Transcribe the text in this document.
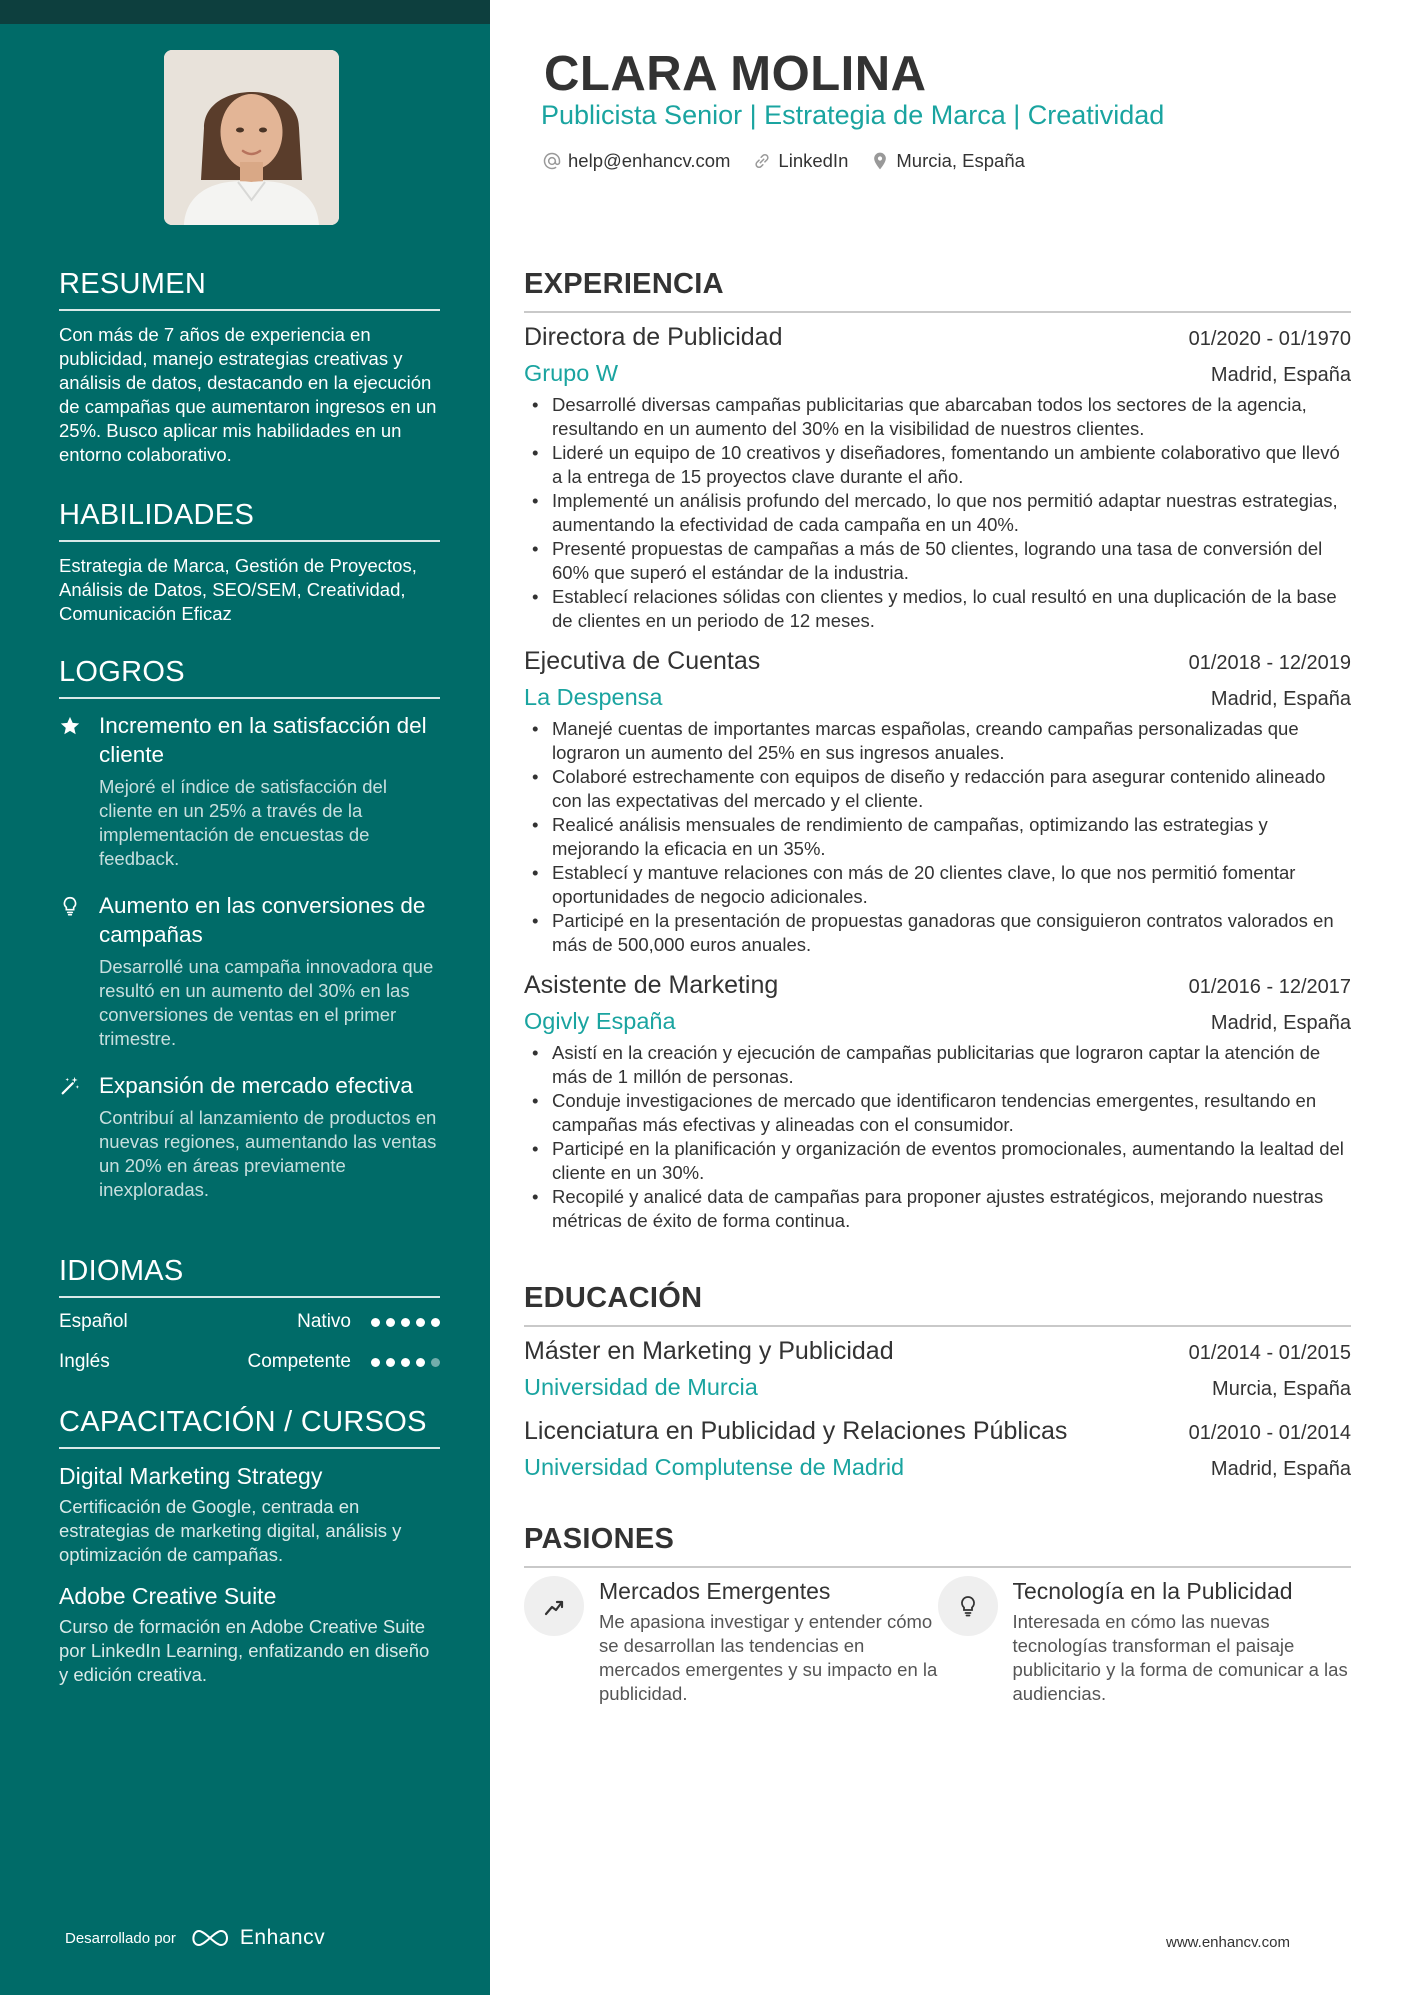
RESUMEN

Con más de 7 años de experiencia en publicidad, manejo estrategias creativas y análisis de datos, destacando en la ejecución de campañas que aumentaron ingresos en un 25%. Busco aplicar mis habilidades en un entorno colaborativo.

HABILIDADES

Estrategia de Marca, Gestión de Proyectos, Análisis de Datos, SEO/SEM, Creatividad, Comunicación Eficaz

LOGROS
Incremento en la satisfacción del cliente
Mejoré el índice de satisfacción del cliente en un 25% a través de la implementación de encuestas de feedback.
Aumento en las conversiones de campañas
Desarrollé una campaña innovadora que resultó en un aumento del 30% en las conversiones de ventas en el primer trimestre.
Expansión de mercado efectiva
Contribuí al lanzamiento de productos en nuevas regiones, aumentando las ventas un 20% en áreas previamente inexploradas.
IDIOMAS
Español	Nativo
Inglés	Competente
CAPACITACIÓN / CURSOS
Digital Marketing Strategy
Certificación de Google, centrada en estrategias de marketing digital, análisis y optimización de campañas.
Adobe Creative Suite
Curso de formación en Adobe Creative Suite por LinkedIn Learning, enfatizando en diseño y edición creativa.
Desarrollado por	Enhancv
CLARA MOLINA
Publicista Senior | Estrategia de Marca | Creatividad
help@enhancv.com	LinkedIn	Murcia, España
EXPERIENCIA
Directora de Publicidad	01/2020 - 01/1970
Grupo W	Madrid, España
• Desarrollé diversas campañas publicitarias que abarcaban todos los sectores de la agencia, resultando en un aumento del 30% en la visibilidad de nuestros clientes.
• Lideré un equipo de 10 creativos y diseñadores, fomentando un ambiente colaborativo que llevó a la entrega de 15 proyectos clave durante el año.
• Implementé un análisis profundo del mercado, lo que nos permitió adaptar nuestras estrategias, aumentando la efectividad de cada campaña en un 40%.
• Presenté propuestas de campañas a más de 50 clientes, logrando una tasa de conversión del 60% que superó el estándar de la industria.
• Establecí relaciones sólidas con clientes y medios, lo cual resultó en una duplicación de la base de clientes en un periodo de 12 meses.
Ejecutiva de Cuentas	01/2018 - 12/2019
La Despensa	Madrid, España
• Manejé cuentas de importantes marcas españolas, creando campañas personalizadas que lograron un aumento del 25% en sus ingresos anuales.
• Colaboré estrechamente con equipos de diseño y redacción para asegurar contenido alineado con las expectativas del mercado y el cliente.
• Realicé análisis mensuales de rendimiento de campañas, optimizando las estrategias y mejorando la eficacia en un 35%.
• Establecí y mantuve relaciones con más de 20 clientes clave, lo que nos permitió fomentar oportunidades de negocio adicionales.
• Participé en la presentación de propuestas ganadoras que consiguieron contratos valorados en más de 500,000 euros anuales.
Asistente de Marketing	01/2016 - 12/2017
Ogivly España	Madrid, España
• Asistí en la creación y ejecución de campañas publicitarias que lograron captar la atención de más de 1 millón de personas.
• Conduje investigaciones de mercado que identificaron tendencias emergentes, resultando en campañas más efectivas y alineadas con el consumidor.
• Participé en la planificación y organización de eventos promocionales, aumentando la lealtad del cliente en un 30%.
• Recopilé y analicé data de campañas para proponer ajustes estratégicos, mejorando nuestras métricas de éxito de forma continua.
EDUCACIÓN
Máster en Marketing y Publicidad	01/2014 - 01/2015
Universidad de Murcia	Murcia, España
Licenciatura en Publicidad y Relaciones Públicas	01/2010 - 01/2014
Universidad Complutense de Madrid	Madrid, España
PASIONES
Mercados Emergentes
Me apasiona investigar y entender cómo se desarrollan las tendencias en mercados emergentes y su impacto en la publicidad.
Tecnología en la Publicidad
Interesada en cómo las nuevas tecnologías transforman el paisaje publicitario y la forma de comunicar a las audiencias.
www.enhancv.com
